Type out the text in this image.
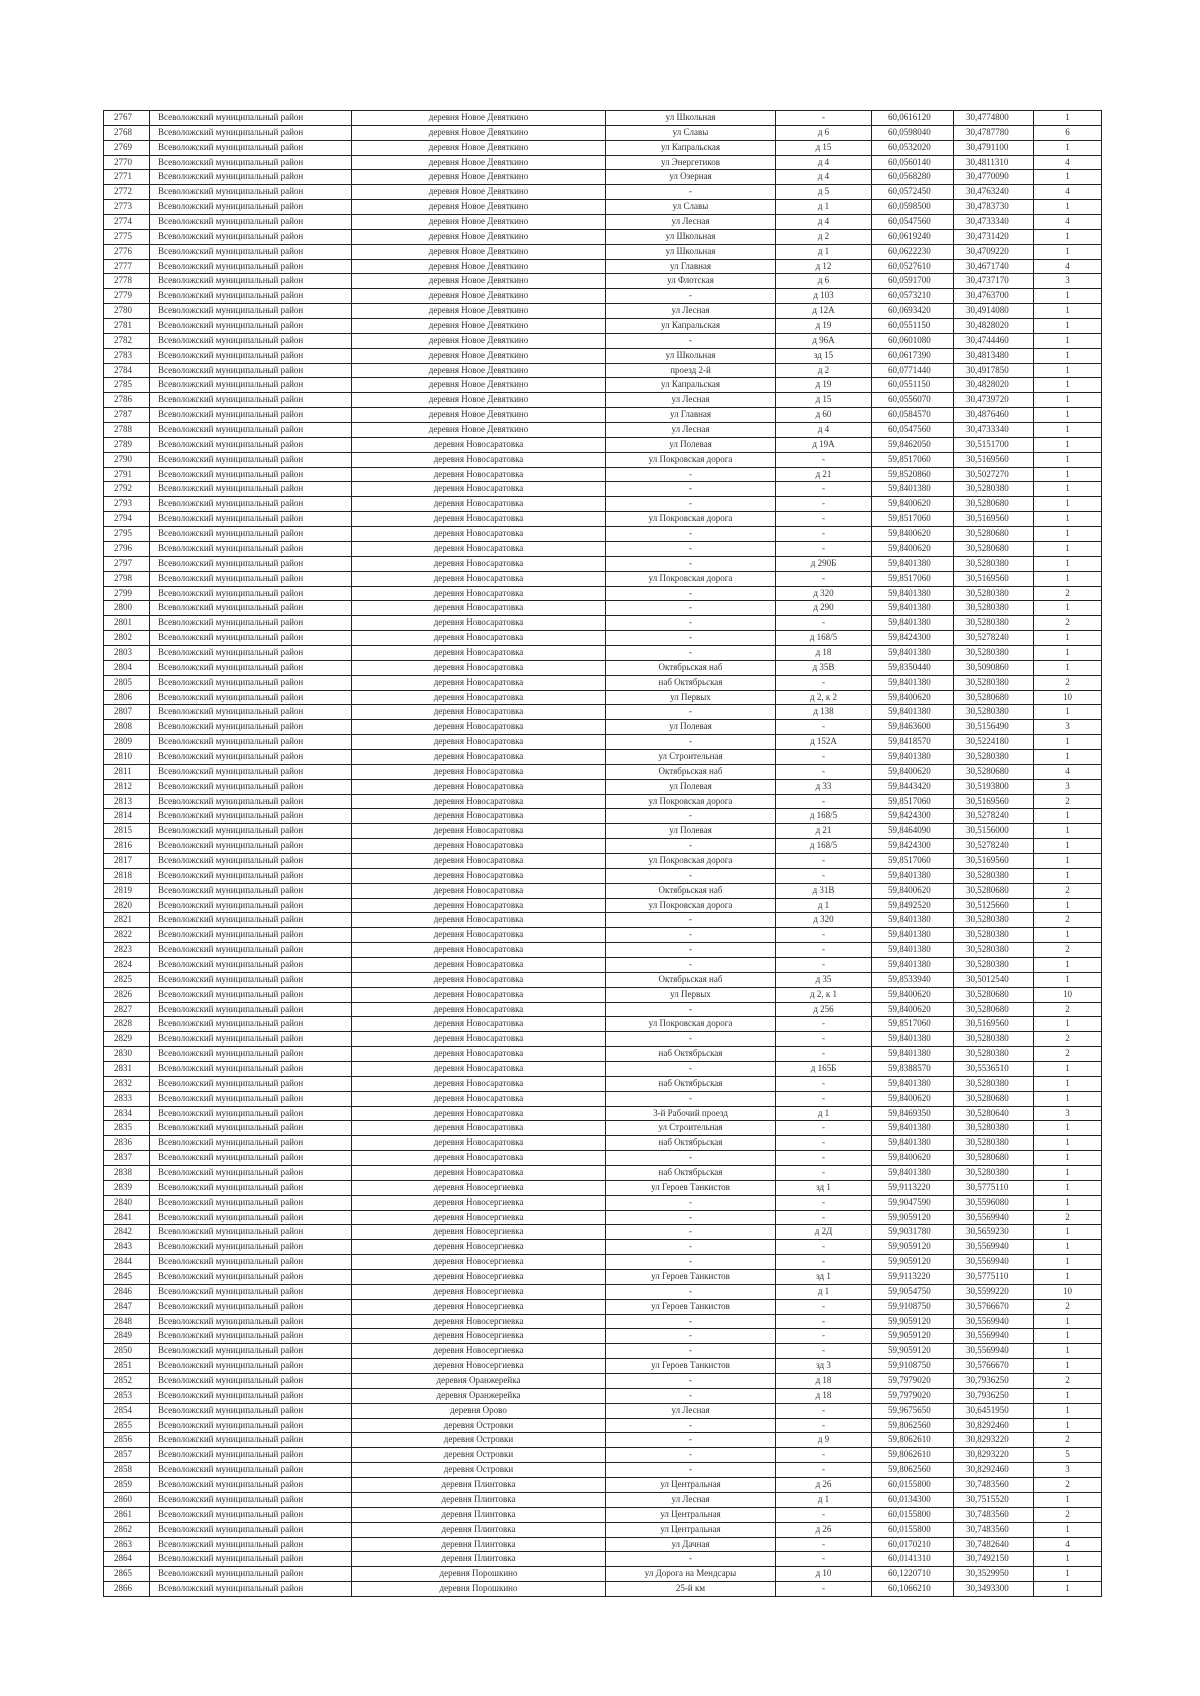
2767	Всеволожский муниципальный район	деревня Новое Девяткино	ул Школьная	-	60,0616120	30,4774800	1
2768	Всеволожский муниципальный район	деревня Новое Девяткино	ул Славы	д 6	60,0598040	30,4787780	6
2769	Всеволожский муниципальный район	деревня Новое Девяткино	ул Капральская	д 15	60,0532020	30,4791100	1
2770	Всеволожский муниципальный район	деревня Новое Девяткино	ул Энергетиков	д 4	60,0560140	30,4811310	4
2771	Всеволожский муниципальный район	деревня Новое Девяткино	ул Озерная	д 4	60,0568280	30,4770090	1
2772	Всеволожский муниципальный район	деревня Новое Девяткино	-	д 5	60,0572450	30,4763240	4
2773	Всеволожский муниципальный район	деревня Новое Девяткино	ул Славы	д 1	60,0598500	30,4783730	1
2774	Всеволожский муниципальный район	деревня Новое Девяткино	ул Лесная	д 4	60,0547560	30,4733340	4
2775	Всеволожский муниципальный район	деревня Новое Девяткино	ул Школьная	д 2	60,0619240	30,4731420	1
2776	Всеволожский муниципальный район	деревня Новое Девяткино	ул Школьная	д 1	60,0622230	30,4709220	1
2777	Всеволожский муниципальный район	деревня Новое Девяткино	ул Главная	д 12	60,0527610	30,4671740	4
2778	Всеволожский муниципальный район	деревня Новое Девяткино	ул Флотская	д 6	60,0591700	30,4737170	3
2779	Всеволожский муниципальный район	деревня Новое Девяткино	-	д 103	60,0573210	30,4763700	1
2780	Всеволожский муниципальный район	деревня Новое Девяткино	ул Лесная	д 12А	60,0693420	30,4914080	1
2781	Всеволожский муниципальный район	деревня Новое Девяткино	ул Капральская	д 19	60,0551150	30,4828020	1
2782	Всеволожский муниципальный район	деревня Новое Девяткино	-	д 96А	60,0601080	30,4744460	1
2783	Всеволожский муниципальный район	деревня Новое Девяткино	ул Школьная	зд 15	60,0617390	30,4813480	1
2784	Всеволожский муниципальный район	деревня Новое Девяткино	проезд 2-й	д 2	60,0771440	30,4917850	1
2785	Всеволожский муниципальный район	деревня Новое Девяткино	ул Капральская	д 19	60,0551150	30,4828020	1
2786	Всеволожский муниципальный район	деревня Новое Девяткино	ул Лесная	д 15	60,0556070	30,4739720	1
2787	Всеволожский муниципальный район	деревня Новое Девяткино	ул Главная	д 60	60,0584570	30,4876460	1
2788	Всеволожский муниципальный район	деревня Новое Девяткино	ул Лесная	д 4	60,0547560	30,4733340	1
2789	Всеволожский муниципальный район	деревня Новосаратовка	ул Полевая	д 19А	59,8462050	30,5151700	1
2790	Всеволожский муниципальный район	деревня Новосаратовка	ул Покровская дорога	-	59,8517060	30,5169560	1
2791	Всеволожский муниципальный район	деревня Новосаратовка	-	д 21	59,8520860	30,5027270	1
2792	Всеволожский муниципальный район	деревня Новосаратовка	-	-	59,8401380	30,5280380	1
2793	Всеволожский муниципальный район	деревня Новосаратовка	-	-	59,8400620	30,5280680	1
2794	Всеволожский муниципальный район	деревня Новосаратовка	ул Покровская дорога	-	59,8517060	30,5169560	1
2795	Всеволожский муниципальный район	деревня Новосаратовка	-	-	59,8400620	30,5280680	1
2796	Всеволожский муниципальный район	деревня Новосаратовка	-	-	59,8400620	30,5280680	1
2797	Всеволожский муниципальный район	деревня Новосаратовка	-	д 290Б	59,8401380	30,5280380	1
2798	Всеволожский муниципальный район	деревня Новосаратовка	ул Покровская дорога	-	59,8517060	30,5169560	1
2799	Всеволожский муниципальный район	деревня Новосаратовка	-	д 320	59,8401380	30,5280380	2
2800	Всеволожский муниципальный район	деревня Новосаратовка	-	д 290	59,8401380	30,5280380	1
2801	Всеволожский муниципальный район	деревня Новосаратовка	-	-	59,8401380	30,5280380	2
2802	Всеволожский муниципальный район	деревня Новосаратовка	-	д 168/5	59,8424300	30,5278240	1
2803	Всеволожский муниципальный район	деревня Новосаратовка	-	д 18	59,8401380	30,5280380	1
2804	Всеволожский муниципальный район	деревня Новосаратовка	Октябрьская наб	д 35В	59,8350440	30,5090860	1
2805	Всеволожский муниципальный район	деревня Новосаратовка	наб Октябрьская	-	59,8401380	30,5280380	2
2806	Всеволожский муниципальный район	деревня Новосаратовка	ул Первых	д 2, к 2	59,8400620	30,5280680	10
2807	Всеволожский муниципальный район	деревня Новосаратовка	-	д 138	59,8401380	30,5280380	1
2808	Всеволожский муниципальный район	деревня Новосаратовка	ул Полевая	-	59,8463600	30,5156490	3
2809	Всеволожский муниципальный район	деревня Новосаратовка	-	д 152А	59,8418570	30,5224180	1
2810	Всеволожский муниципальный район	деревня Новосаратовка	ул Строительная	-	59,8401380	30,5280380	1
2811	Всеволожский муниципальный район	деревня Новосаратовка	Октябрьская наб	-	59,8400620	30,5280680	4
2812	Всеволожский муниципальный район	деревня Новосаратовка	ул Полевая	д 33	59,8443420	30,5193800	3
2813	Всеволожский муниципальный район	деревня Новосаратовка	ул Покровская дорога	-	59,8517060	30,5169560	2
2814	Всеволожский муниципальный район	деревня Новосаратовка	-	д 168/5	59,8424300	30,5278240	1
2815	Всеволожский муниципальный район	деревня Новосаратовка	ул Полевая	д 21	59,8464090	30,5156000	1
2816	Всеволожский муниципальный район	деревня Новосаратовка	-	д 168/5	59,8424300	30,5278240	1
2817	Всеволожский муниципальный район	деревня Новосаратовка	ул Покровская дорога	-	59,8517060	30,5169560	1
2818	Всеволожский муниципальный район	деревня Новосаратовка	-	-	59,8401380	30,5280380	1
2819	Всеволожский муниципальный район	деревня Новосаратовка	Октябрьская наб	д 31В	59,8400620	30,5280680	2
2820	Всеволожский муниципальный район	деревня Новосаратовка	ул Покровская дорога	д 1	59,8492520	30,5125660	1
2821	Всеволожский муниципальный район	деревня Новосаратовка	-	д 320	59,8401380	30,5280380	2
2822	Всеволожский муниципальный район	деревня Новосаратовка	-	-	59,8401380	30,5280380	1
2823	Всеволожский муниципальный район	деревня Новосаратовка	-	-	59,8401380	30,5280380	2
2824	Всеволожский муниципальный район	деревня Новосаратовка	-	-	59,8401380	30,5280380	1
2825	Всеволожский муниципальный район	деревня Новосаратовка	Октябрьская наб	д 35	59,8533940	30,5012540	1
2826	Всеволожский муниципальный район	деревня Новосаратовка	ул Первых	д 2, к 1	59,8400620	30,5280680	10
2827	Всеволожский муниципальный район	деревня Новосаратовка	-	д 256	59,8400620	30,5280680	2
2828	Всеволожский муниципальный район	деревня Новосаратовка	ул Покровская дорога	-	59,8517060	30,5169560	1
2829	Всеволожский муниципальный район	деревня Новосаратовка	-	-	59,8401380	30,5280380	2
2830	Всеволожский муниципальный район	деревня Новосаратовка	наб Октябрьская	-	59,8401380	30,5280380	2
2831	Всеволожский муниципальный район	деревня Новосаратовка	-	д 165Б	59,8388570	30,5536510	1
2832	Всеволожский муниципальный район	деревня Новосаратовка	наб Октябрьская	-	59,8401380	30,5280380	1
2833	Всеволожский муниципальный район	деревня Новосаратовка	-	-	59,8400620	30,5280680	1
2834	Всеволожский муниципальный район	деревня Новосаратовка	3-й Рабочий проезд	д 1	59,8469350	30,5280640	3
2835	Всеволожский муниципальный район	деревня Новосаратовка	ул Строительная	-	59,8401380	30,5280380	1
2836	Всеволожский муниципальный район	деревня Новосаратовка	наб Октябрьская	-	59,8401380	30,5280380	1
2837	Всеволожский муниципальный район	деревня Новосаратовка	-	-	59,8400620	30,5280680	1
2838	Всеволожский муниципальный район	деревня Новосаратовка	наб Октябрьская	-	59,8401380	30,5280380	1
2839	Всеволожский муниципальный район	деревня Новосергиевка	ул Героев Танкистов	зд 1	59,9113220	30,5775110	1
2840	Всеволожский муниципальный район	деревня Новосергиевка	-	-	59,9047590	30,5596080	1
2841	Всеволожский муниципальный район	деревня Новосергиевка	-	-	59,9059120	30,5569940	2
2842	Всеволожский муниципальный район	деревня Новосергиевка	-	д 2Д	59,9031780	30,5659230	1
2843	Всеволожский муниципальный район	деревня Новосергиевка	-	-	59,9059120	30,5569940	1
2844	Всеволожский муниципальный район	деревня Новосергиевка	-	-	59,9059120	30,5569940	1
2845	Всеволожский муниципальный район	деревня Новосергиевка	ул Героев Танкистов	зд 1	59,9113220	30,5775110	1
2846	Всеволожский муниципальный район	деревня Новосергиевка	-	д 1	59,9054750	30,5599220	10
2847	Всеволожский муниципальный район	деревня Новосергиевка	ул Героев Танкистов	-	59,9108750	30,5766670	2
2848	Всеволожский муниципальный район	деревня Новосергиевка	-	-	59,9059120	30,5569940	1
2849	Всеволожский муниципальный район	деревня Новосергиевка	-	-	59,9059120	30,5569940	1
2850	Всеволожский муниципальный район	деревня Новосергиевка	-	-	59,9059120	30,5569940	1
2851	Всеволожский муниципальный район	деревня Новосергиевка	ул Героев Танкистов	зд 3	59,9108750	30,5766670	1
2852	Всеволожский муниципальный район	деревня Оранжерейка	-	д 18	59,7979020	30,7936250	2
2853	Всеволожский муниципальный район	деревня Оранжерейка	-	д 18	59,7979020	30,7936250	1
2854	Всеволожский муниципальный район	деревня Орово	ул Лесная	-	59,9675650	30,6451950	1
2855	Всеволожский муниципальный район	деревня Островки	-	-	59,8062560	30,8292460	1
2856	Всеволожский муниципальный район	деревня Островки	-	д 9	59,8062610	30,8293220	2
2857	Всеволожский муниципальный район	деревня Островки	-	-	59,8062610	30,8293220	5
2858	Всеволожский муниципальный район	деревня Островки	-	-	59,8062560	30,8292460	3
2859	Всеволожский муниципальный район	деревня Плинтовка	ул Центральная	д 26	60,0155800	30,7483560	2
2860	Всеволожский муниципальный район	деревня Плинтовка	ул Лесная	д 1	60,0134300	30,7515520	1
2861	Всеволожский муниципальный район	деревня Плинтовка	ул Центральная	-	60,0155800	30,7483560	2
2862	Всеволожский муниципальный район	деревня Плинтовка	ул Центральная	д 26	60,0155800	30,7483560	1
2863	Всеволожский муниципальный район	деревня Плинтовка	ул Дачная	-	60,0170210	30,7482640	4
2864	Всеволожский муниципальный район	деревня Плинтовка	-	-	60,0141310	30,7492150	1
2865	Всеволожский муниципальный район	деревня Порошкино	ул Дорога на Мендсары	д 10	60,1220710	30,3529950	1
2866	Всеволожский муниципальный район	деревня Порошкино	25-й км	-	60,1066210	30,3493300	1
